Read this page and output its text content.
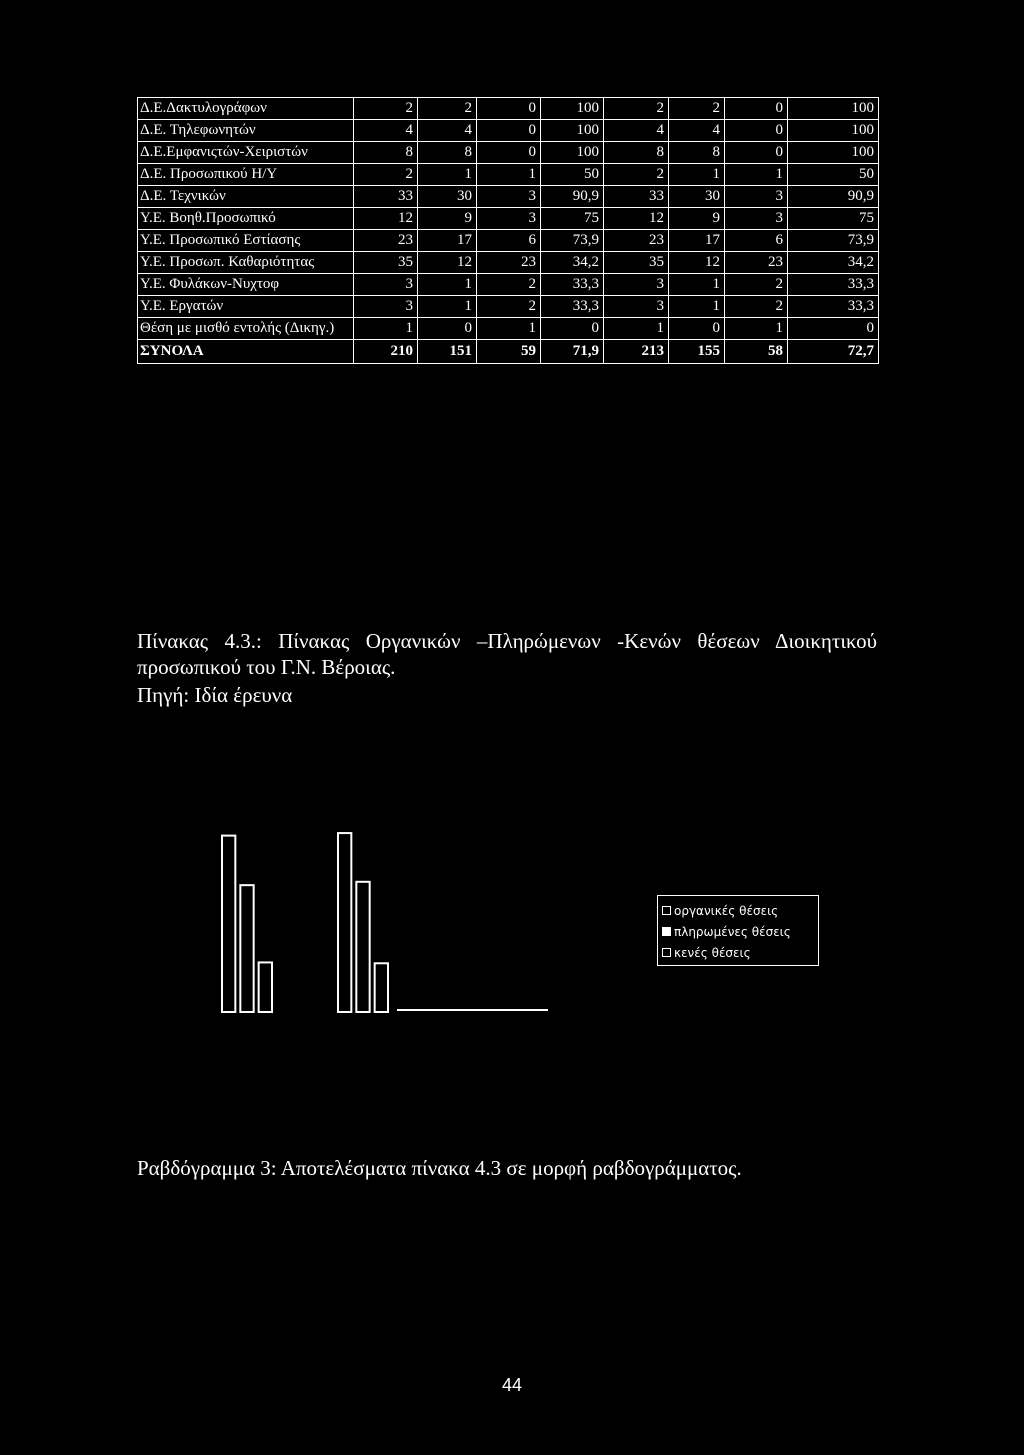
Δ.Ε.Δακτυλογράφων	2	2	0	100	2	2	0	100
Δ.Ε. Τηλεφωνητών	4	4	0	100	4	4	0	100
Δ.Ε.Εμφανιςτών-Χειριστών	8	8	0	100	8	8	0	100
Δ.Ε. Προσωπικού Η/Υ	2	1	1	50	2	1	1	50
Δ.Ε. Τεχνικών	33	30	3	90,9	33	30	3	90,9
Υ.Ε. Βοηθ.Προσωπικό	12	9	3	75	12	9	3	75
Υ.Ε. Προσωπικό Εστίασης	23	17	6	73,9	23	17	6	73,9
Υ.Ε. Προσωπ. Καθαριότητας	35	12	23	34,2	35	12	23	34,2
Υ.Ε. Φυλάκων-Νυχτοφ	3	1	2	33,3	3	1	2	33,3
Υ.Ε. Εργατών	3	1	2	33,3	3	1	2	33,3
Θέση με μισθό εντολής (Δικηγ.)	1	0	1	0	1	0	1	0
ΣΥΝΟΛΑ	210	151	59	71,9	213	155	58	72,7
Πίνακας 4.3.: Πίνακας Οργανικών –Πληρώμενων -Κενών θέσεων Διοικητικού προσωπικού του Γ.Ν. Βέροιας.
Πηγή: Ιδία έρευνα
οργανικές θέσεις
πληρωμένες θέσεις
κενές θέσεις
Ραβδόγραμμα 3: Αποτελέσματα πίνακα 4.3 σε μορφή ραβδογράμματος.
44
